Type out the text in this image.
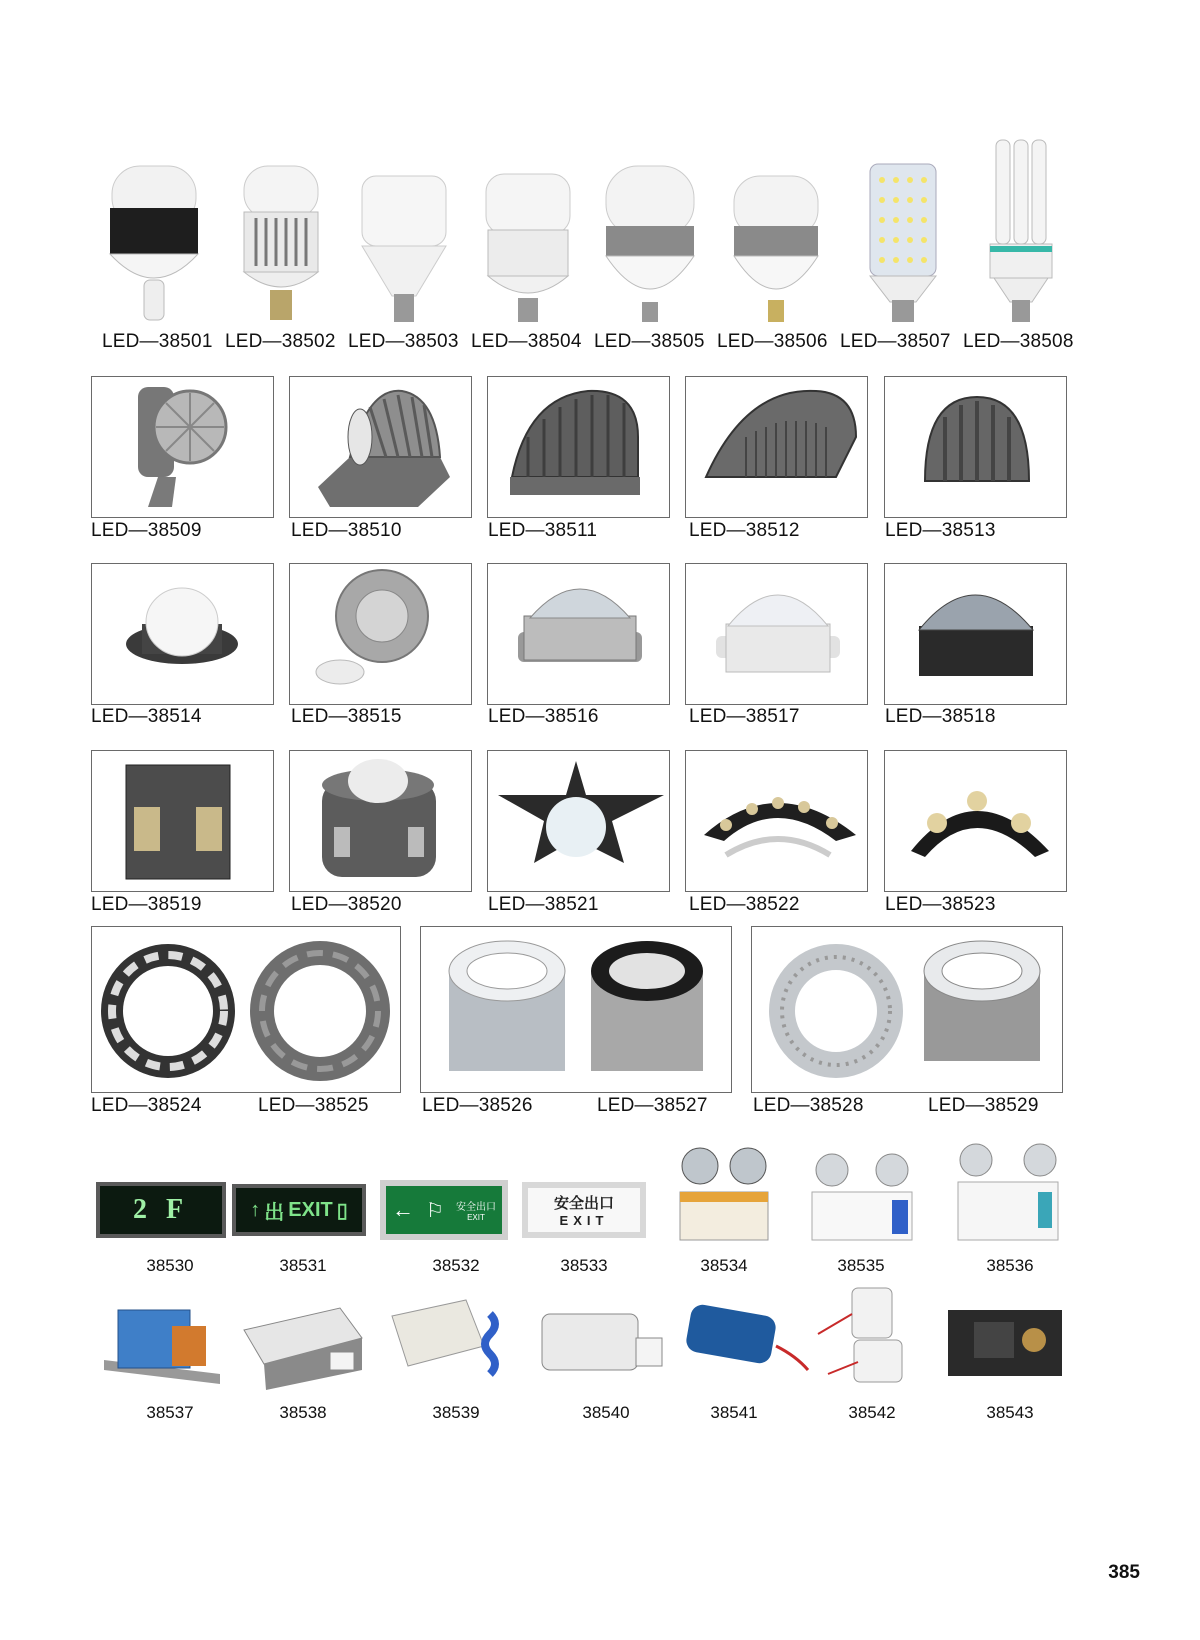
LED—38501 LED—38502 LED—38503 LED—38504 LED—38505 LED—38506 LED—38507 LED—38508
LED—38509	LED—38510	LED—38511	LED—38512	LED—38513
LED—38514	LED—38515	LED—38516	LED—38517	LED—38518
LED—38519	LED—38520	LED—38521	LED—38522	LED—38523
LED—38524	LED—38525	LED—38526	LED—38527 LED—38528	LED—38529
2 F	↑ 出 EXIT ▯ ← ⚐ 安全出口
EXIT
安全出口
EXIT
38530	38531	38532	38533	38534	38535	38536
38537	38538	38539	38540	38541	38542	38543
385
